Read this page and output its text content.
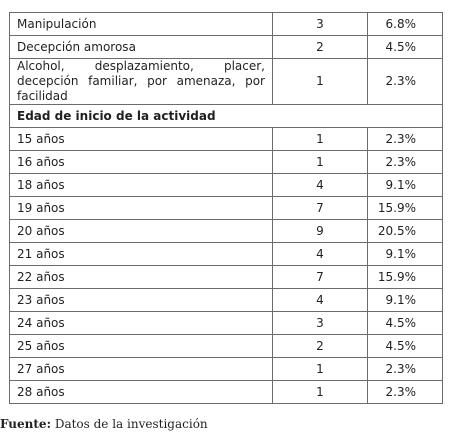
Manipulación	3	6.8%
Decepción amorosa	2	4.5%
Alcohol, desplazamiento, placer, decepción familiar, por amenaza, por facilidad	1	2.3%
Edad de inicio de la actividad		
15 años	1	2.3%
16 años	1	2.3%
18 años	4	9.1%
19 años	7	15.9%
20 años	9	20.5%
21 años	4	9.1%
22 años	7	15.9%
23 años	4	9.1%
24 años	3	4.5%
25 años	2	4.5%
27 años	1	2.3%
28 años	1	2.3%
Fuente: Datos de la investigación
